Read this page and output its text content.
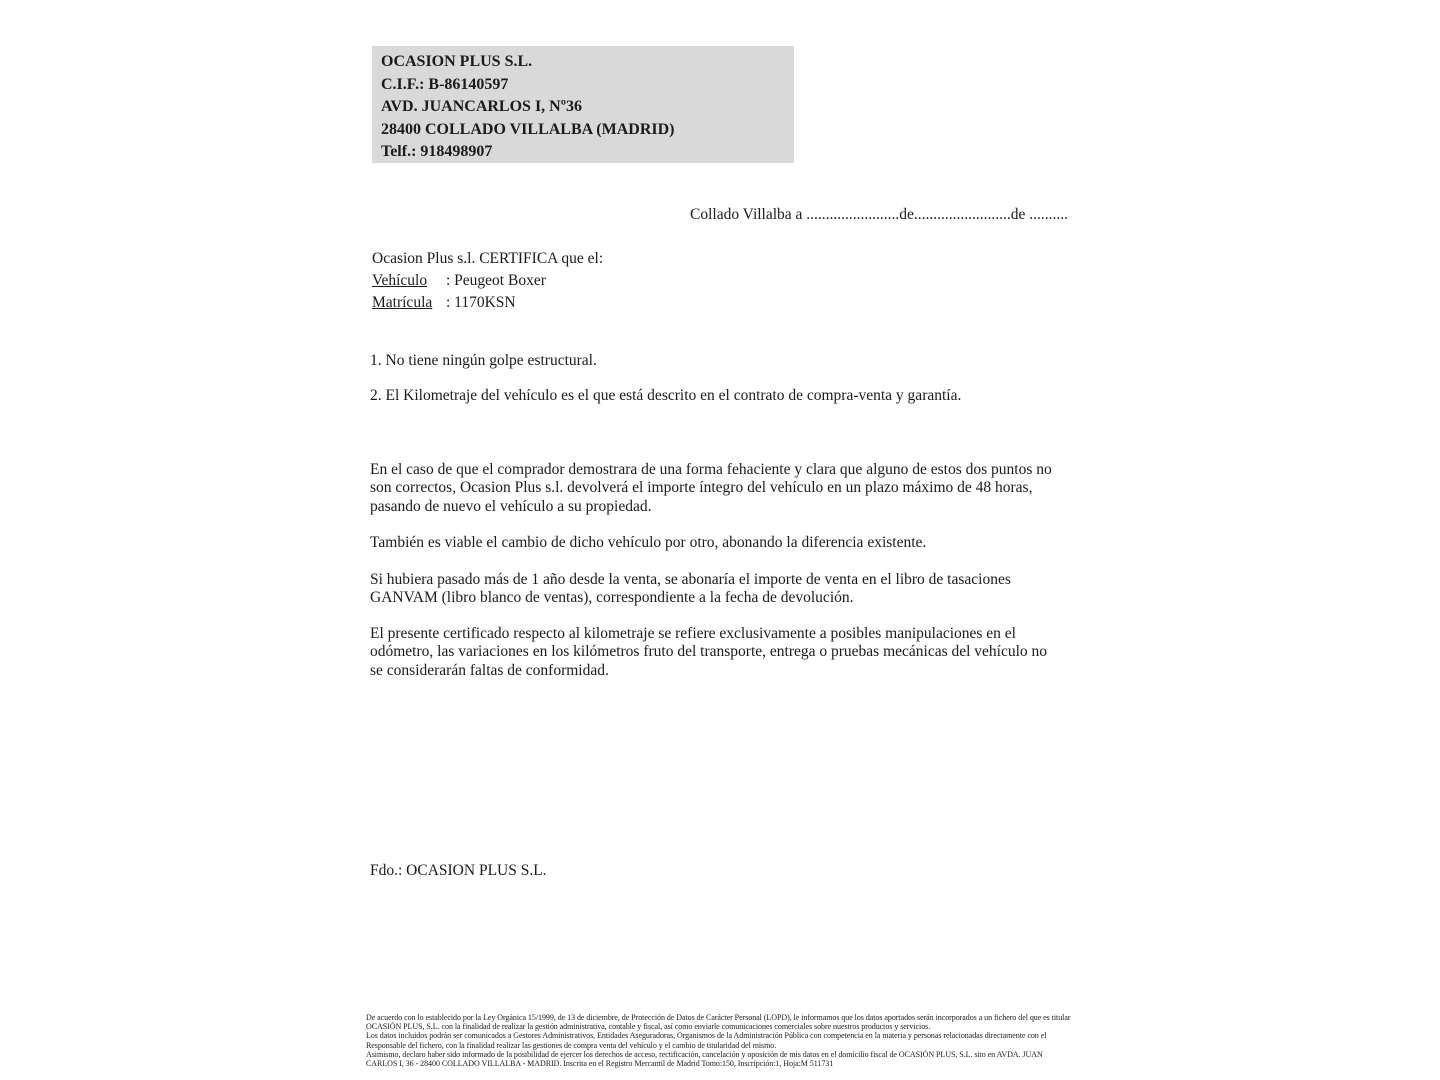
OCASION PLUS S.L.
C.I.F.: B-86140597
AVD. JUANCARLOS I, Nº36
28400 COLLADO VILLALBA (MADRID)
Telf.: 918498907
Collado Villalba a ........................de.........................de ..........
Ocasion Plus s.l. CERTIFICA que el:
Vehículo : Peugeot Boxer
Matrícula : 1170KSN
1. No tiene ningún golpe estructural.
2. El Kilometraje del vehículo es el que está descrito en el contrato de compra-venta y garantía.
En el caso de que el comprador demostrara de una forma fehaciente y clara que alguno de estos dos puntos no
son correctos, Ocasion Plus s.l. devolverá el importe íntegro del vehículo en un plazo máximo de 48 horas,
pasando de nuevo el vehículo a su propiedad.
También es viable el cambio de dicho vehículo por otro, abonando la diferencia existente.
Si hubiera pasado más de 1 año desde la venta, se abonaría el importe de venta en el libro de tasaciones
GANVAM (libro blanco de ventas), correspondiente a la fecha de devolución.
El presente certificado respecto al kilometraje se refiere exclusivamente a posibles manipulaciones en el
odómetro, las variaciones en los kilómetros fruto del transporte, entrega o pruebas mecánicas del vehículo no
se considerarán faltas de conformidad.
Fdo.: OCASION PLUS S.L.
De acuerdo con lo establecido por la Ley Orgánica 15/1999, de 13 de diciembre, de Protección de Datos de Carácter Personal (LOPD), le informamos que los datos aportados serán incorporados a un fichero del que es titular
OCASIÓN PLUS, S.L. con la finalidad de realizar la gestión administrativa, contable y fiscal, así como enviarle comunicaciones comerciales sobre nuestros productos y servicios.
Los datos incluidos podrán ser comunicados a Gestores Administrativos, Entidades Aseguradoras, Organismos de la Administración Pública con competencia en la materia y personas relacionadas directamente con el
Responsable del fichero, con la finalidad realizar las gestiones de compra venta del vehículo y el cambio de titularidad del mismo.
Asimismo, declaro haber sido informado de la posibilidad de ejercer los derechos de acceso, rectificación, cancelación y oposición de mis datos en el domicilio fiscal de OCASIÓN PLUS, S.L. sito en AVDA. JUAN
CARLOS I, 36 - 28400 COLLADO VILLALBA - MADRID. Inscrita en el Registro Mercantil de Madrid Tomo:150, Inscripción:1, Hoja:M 511731
